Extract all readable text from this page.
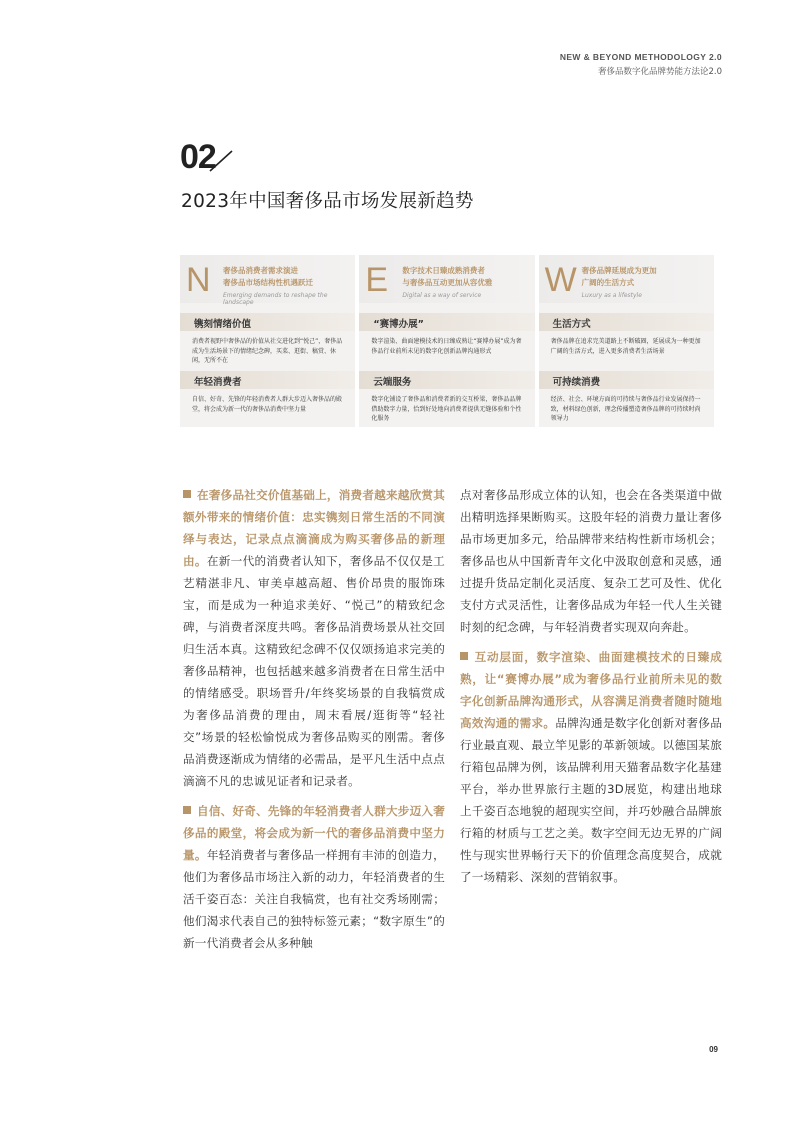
NEW & BEYOND METHODOLOGY 2.0
奢侈品数字化品牌势能方法论2.0
02
2023年中国奢侈品市场发展新趋势
N 奢侈品消费者需求演进
奢侈品市场结构性机遇跃迁
Emerging demands to reshape the landscape
镌刻情绪价值
消费者视野中奢侈品的价值从社交进化到“悦己”，奢侈品成为生活场景下的情绪纪念碑，买菜、逛街、稿赏、休闲，无所不在
年轻消费者
自信、好奇、先锋的年轻消费者人群大步迈入奢侈品的殿堂，将会成为新一代的奢侈品消费中坚力量
E 数字技术日臻成熟消费者
与奢侈品互动更加从容优雅
Digital as a way of service
“赛博办展”
数字渲染、曲面建模技术的日臻成熟让“赛博办展”成为奢侈品行业前所未见的数字化创新品牌沟通形式
云端服务
数字化铺设了奢侈品和消费者新的交互桥梁，奢侈品品牌借助数字力量，恰到好处地向消费者提供无缝体验和个性化服务
W 奢侈品牌延展成为更加
广阔的生活方式
Luxury as a lifestyle
生活方式
奢侈品牌在追求完美道路上不断破圈，延展成为一种更加广阔的生活方式，进入更多消费者生活场景
可持续消费
经济、社会、环境方面的可持续与奢侈品行业发展保持一致，材料绿色创新，理念传播塑造奢侈品牌的可持续时尚领导力

在奢侈品社交价值基础上，消费者越来越欣赏其额外带来的情绪价值：忠实镌刻日常生活的不同演绎与表达，记录点点滴滴成为购买奢侈品的新理由。在新一代的消费者认知下，奢侈品不仅仅是工艺精湛非凡、审美卓越高超、售价昂贵的服饰珠宝，而是成为一种追求美好、“悦己”的精致纪念碑，与消费者深度共鸣。奢侈品消费场景从社交回归生活本真。这精致纪念碑不仅仅颂扬追求完美的奢侈品精神，也包括越来越多消费者在日常生活中的情绪感受。职场晋升/年终奖场景的自我犒赏成为奢侈品消费的理由，周末看展/逛街等“轻社交”场景的轻松愉悦成为奢侈品购买的刚需。奢侈品消费逐渐成为情绪的必需品，是平凡生活中点点滴滴不凡的忠诚见证者和记录者。

自信、好奇、先锋的年轻消费者人群大步迈入奢侈品的殿堂，将会成为新一代的奢侈品消费中坚力量。年轻消费者与奢侈品一样拥有丰沛的创造力，他们为奢侈品市场注入新的动力，年轻消费者的生活千姿百态：关注自我犒赏，也有社交秀场刚需；他们渴求代表自己的独特标签元素；“数字原生”的新一代消费者会从多种触

点对奢侈品形成立体的认知，也会在各类渠道中做出精明选择果断购买。这股年轻的消费力量让奢侈品市场更加多元，给品牌带来结构性新市场机会；奢侈品也从中国新青年文化中汲取创意和灵感，通过提升货品定制化灵活度、复杂工艺可及性、优化支付方式灵活性，让奢侈品成为年轻一代人生关键时刻的纪念碑，与年轻消费者实现双向奔赴。

互动层面，数字渲染、曲面建模技术的日臻成熟，让“赛博办展”成为奢侈品行业前所未见的数字化创新品牌沟通形式，从容满足消费者随时随地高效沟通的需求。品牌沟通是数字化创新对奢侈品行业最直观、最立竿见影的革新领域。以德国某旅行箱包品牌为例，该品牌利用天猫奢品数字化基建平台，举办世界旅行主题的3D展览，构建出地球上千姿百态地貌的超现实空间，并巧妙融合品牌旅行箱的材质与工艺之美。数字空间无边无界的广阔性与现实世界畅行天下的价值理念高度契合，成就了一场精彩、深刻的营销叙事。

09
